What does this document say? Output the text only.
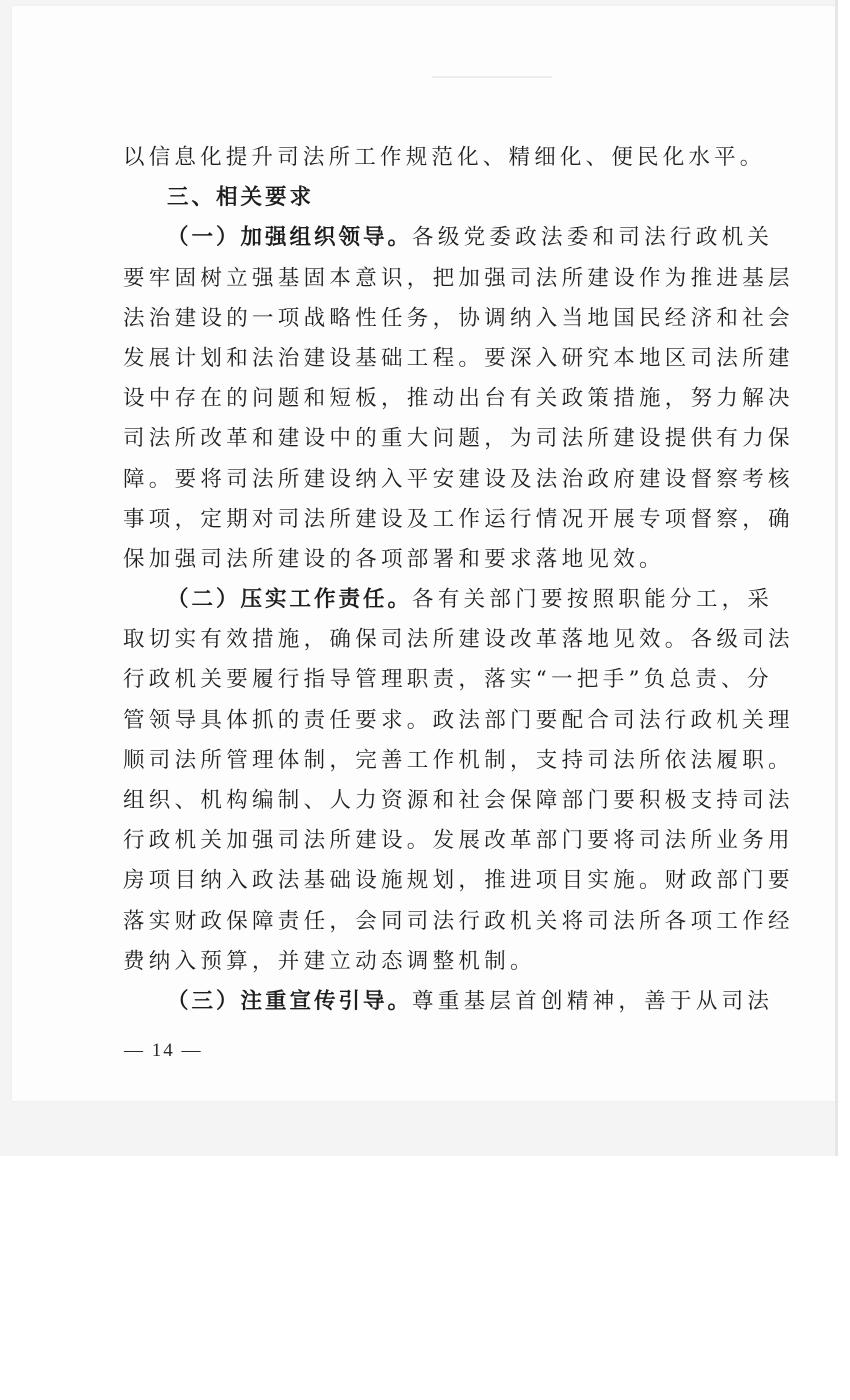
以信息化提升司法所工作规范化、精细化、便民化水平。
三、相关要求
（一）加强组织领导。各级党委政法委和司法行政机关
要牢固树立强基固本意识，把加强司法所建设作为推进基层
法治建设的一项战略性任务，协调纳入当地国民经济和社会
发展计划和法治建设基础工程。要深入研究本地区司法所建
设中存在的问题和短板，推动出台有关政策措施，努力解决
司法所改革和建设中的重大问题，为司法所建设提供有力保
障。要将司法所建设纳入平安建设及法治政府建设督察考核
事项，定期对司法所建设及工作运行情况开展专项督察，确
保加强司法所建设的各项部署和要求落地见效。
（二）压实工作责任。各有关部门要按照职能分工，采
取切实有效措施，确保司法所建设改革落地见效。各级司法
行政机关要履行指导管理职责，落实“一把手”负总责、分
管领导具体抓的责任要求。政法部门要配合司法行政机关理
顺司法所管理体制，完善工作机制，支持司法所依法履职。
组织、机构编制、人力资源和社会保障部门要积极支持司法
行政机关加强司法所建设。发展改革部门要将司法所业务用
房项目纳入政法基础设施规划，推进项目实施。财政部门要
落实财政保障责任，会同司法行政机关将司法所各项工作经
费纳入预算，并建立动态调整机制。
（三）注重宣传引导。尊重基层首创精神，善于从司法
— 14 —
